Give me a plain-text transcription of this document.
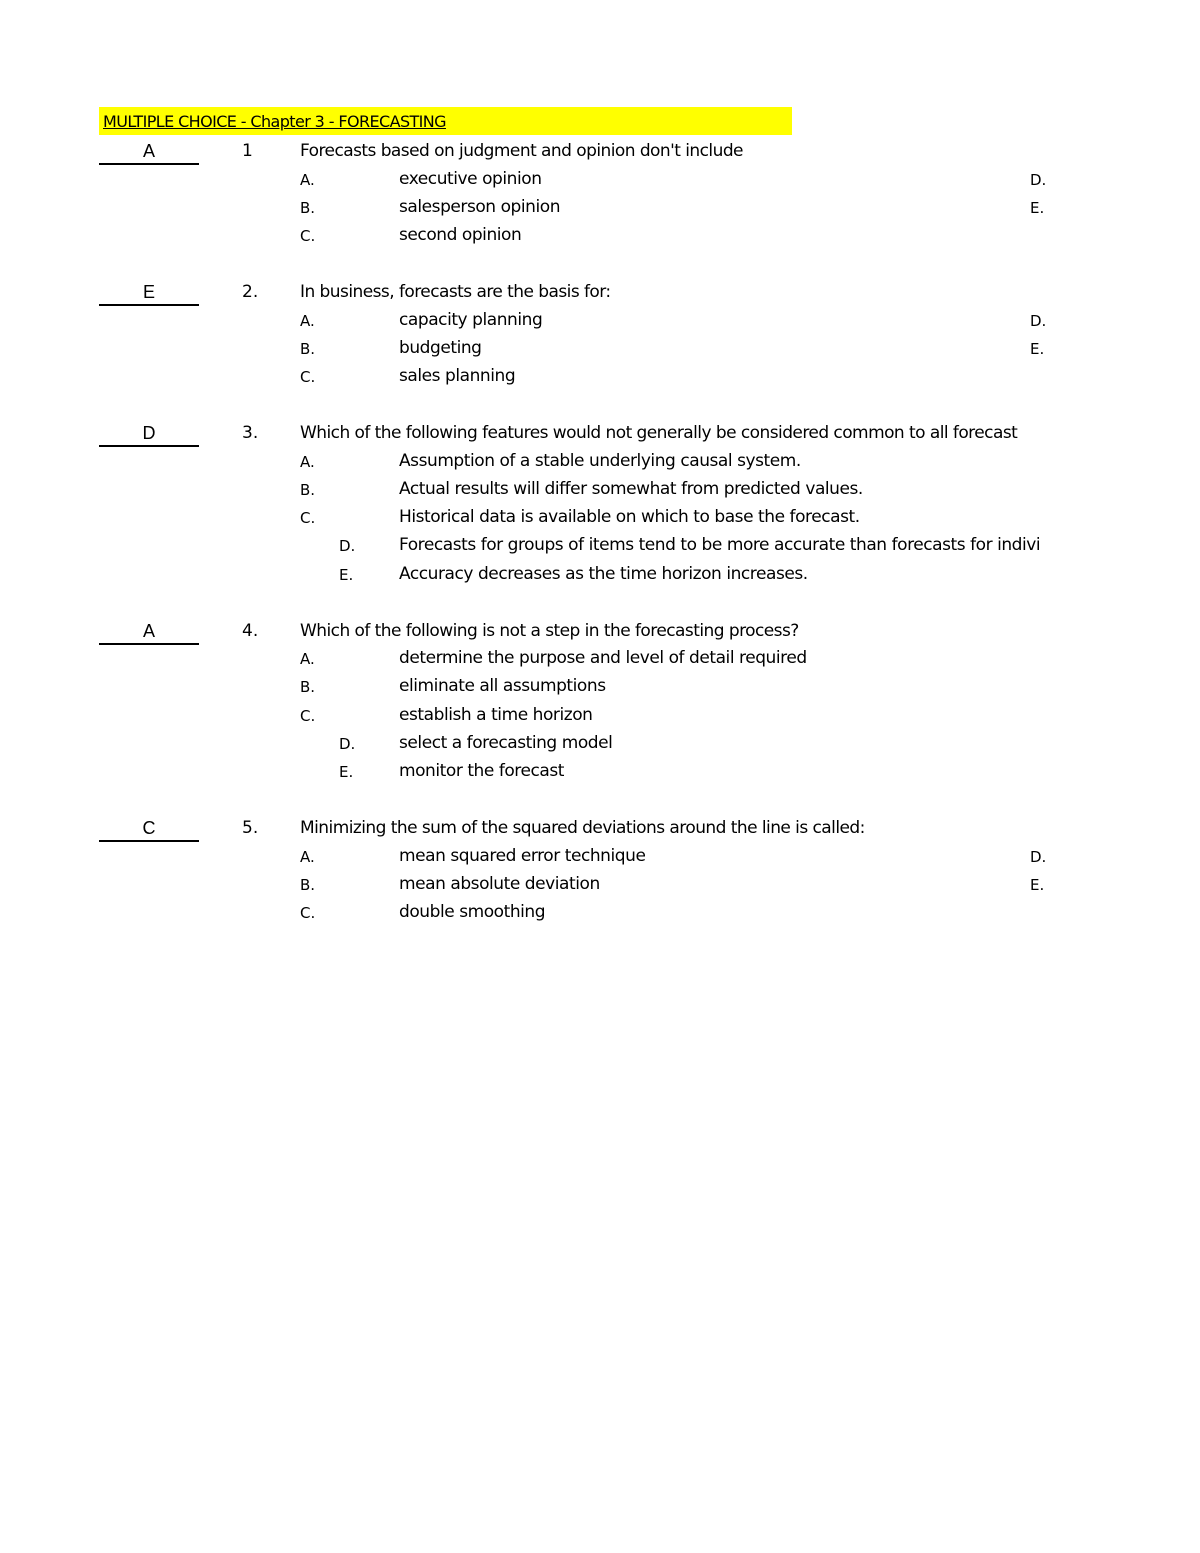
MULTIPLE CHOICE - Chapter 3 - FORECASTING
A	1	Forecasts based on judgment and opinion don't include
A.	executive opinion	D.
B.	salesperson opinion	E.
C.	second opinion
E	2. In business, forecasts are the basis for:
A.	capacity planning	D.
B.	budgeting	E.
C.	sales planning
D	3. Which of the following features would not generally be considered common to all forecast
A.	Assumption of a stable underlying causal system.
B.	Actual results will differ somewhat from predicted values.
C.	Historical data is available on which to base the forecast.
D.	Forecasts for groups of items tend to be more accurate than forecasts for indivi
E.	Accuracy decreases as the time horizon increases.
A	4. Which of the following is not a step in the forecasting process?
A.	determine the purpose and level of detail required
B.	eliminate all assumptions
C.	establish a time horizon
D.	select a forecasting model
E.	monitor the forecast
C	5. Minimizing the sum of the squared deviations around the line is called:
A.	mean squared error technique	D.
B.	mean absolute deviation	E.
C.	double smoothing
